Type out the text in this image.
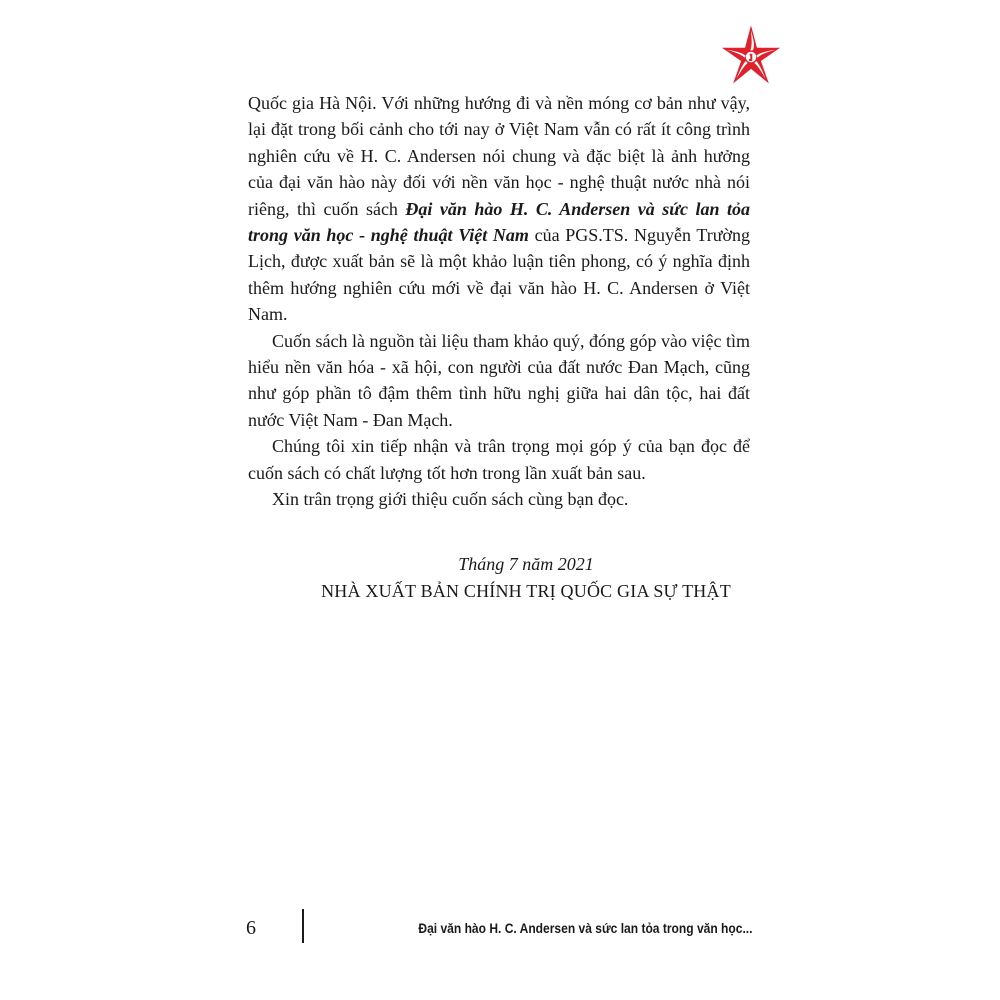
Quốc gia Hà Nội. Với những hướng đi và nền móng cơ bản như vậy, lại đặt trong bối cảnh cho tới nay ở Việt Nam vẫn có rất ít công trình nghiên cứu về H. C. Andersen nói chung và đặc biệt là ảnh hưởng của đại văn hào này đối với nền văn học - nghệ thuật nước nhà nói riêng, thì cuốn sách Đại văn hào H. C. Andersen và sức lan tỏa trong văn học - nghệ thuật Việt Nam của PGS.TS. Nguyễn Trường Lịch, được xuất bản sẽ là một khảo luận tiên phong, có ý nghĩa định thêm hướng nghiên cứu mới về đại văn hào H. C. Andersen ở Việt Nam.

Cuốn sách là nguồn tài liệu tham khảo quý, đóng góp vào việc tìm hiểu nền văn hóa - xã hội, con người của đất nước Đan Mạch, cũng như góp phần tô đậm thêm tình hữu nghị giữa hai dân tộc, hai đất nước Việt Nam - Đan Mạch.

Chúng tôi xin tiếp nhận và trân trọng mọi góp ý của bạn đọc để cuốn sách có chất lượng tốt hơn trong lần xuất bản sau.

Xin trân trọng giới thiệu cuốn sách cùng bạn đọc.

Tháng 7 năm 2021
NHÀ XUẤT BẢN CHÍNH TRỊ QUỐC GIA SỰ THẬT
6	Đại văn hào H. C. Andersen và sức lan tỏa trong văn học...
